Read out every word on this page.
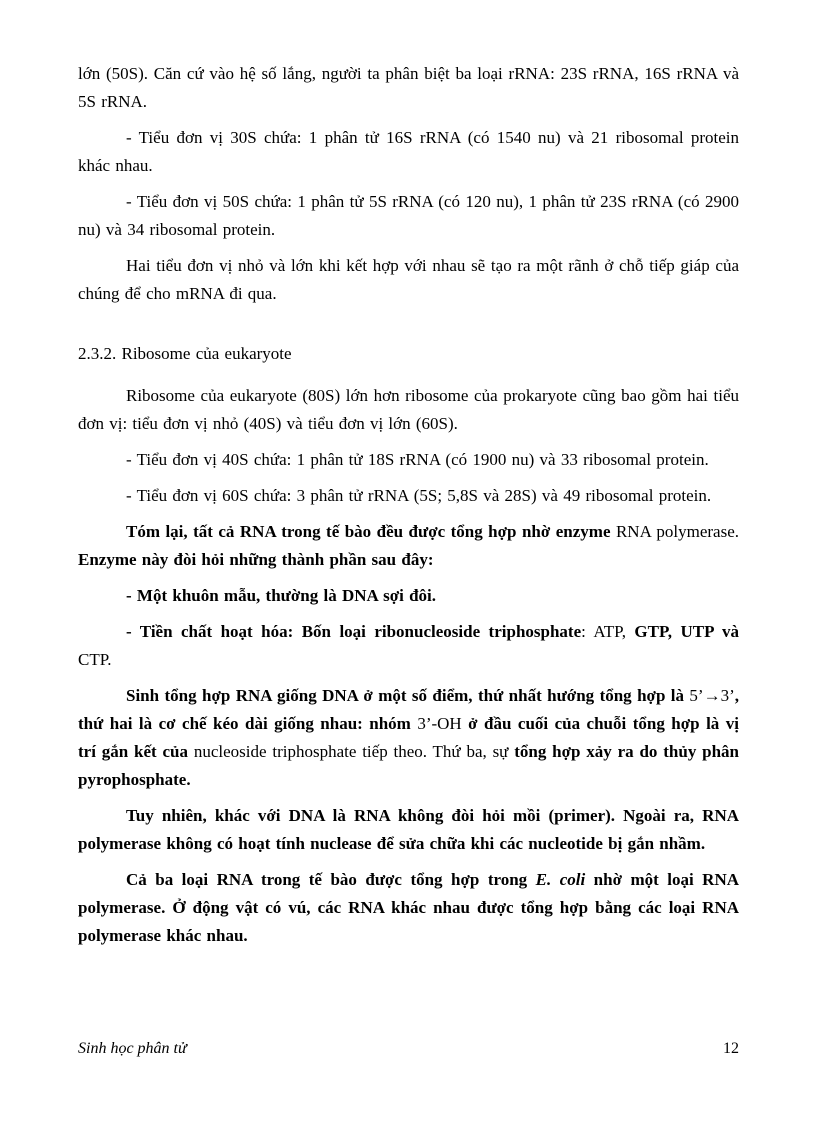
lớn (50S). Căn cứ vào hệ số lắng, người ta phân biệt ba loại rRNA: 23S rRNA, 16S rRNA và 5S rRNA.

- Tiểu đơn vị 30S chứa: 1 phân tử 16S rRNA (có 1540 nu) và 21 ribosomal protein khác nhau.

- Tiểu đơn vị 50S chứa: 1 phân tử 5S rRNA (có 120 nu), 1 phân tử 23S rRNA (có 2900 nu) và 34 ribosomal protein.

Hai tiểu đơn vị nhỏ và lớn khi kết hợp với nhau sẽ tạo ra một rãnh ở chỗ tiếp giáp của chúng để cho mRNA đi qua.

2.3.2. Ribosome của eukaryote

Ribosome của eukaryote (80S) lớn hơn ribosome của prokaryote cũng bao gồm hai tiểu đơn vị: tiểu đơn vị nhỏ (40S) và tiểu đơn vị lớn (60S).

- Tiểu đơn vị 40S chứa: 1 phân tử 18S rRNA (có 1900 nu) và 33 ribosomal protein.

- Tiểu đơn vị 60S chứa: 3 phân tử rRNA (5S; 5,8S và 28S) và 49 ribosomal protein.

Tóm lại, tất cả RNA trong tế bào đều được tổng hợp nhờ enzyme RNA polymerase. Enzyme này đòi hỏi những thành phần sau đây:

- Một khuôn mẫu, thường là DNA sợi đôi.

- Tiền chất hoạt hóa: Bốn loại ribonucleoside triphosphate: ATP, GTP, UTP và CTP.

Sinh tổng hợp RNA giống DNA ở một số điểm, thứ nhất hướng tổng hợp là 5’→3’, thứ hai là cơ chế kéo dài giống nhau: nhóm 3’-OH ở đầu cuối của chuỗi tổng hợp là vị trí gắn kết của nucleoside triphosphate tiếp theo. Thứ ba, sự tổng hợp xảy ra do thủy phân pyrophosphate.

Tuy nhiên, khác với DNA là RNA không đòi hỏi mồi (primer). Ngoài ra, RNA polymerase không có hoạt tính nuclease để sửa chữa khi các nucleotide bị gắn nhầm.

Cả ba loại RNA trong tế bào được tổng hợp trong E. coli nhờ một loại RNA polymerase. Ở động vật có vú, các RNA khác nhau được tổng hợp bằng các loại RNA polymerase khác nhau.

Sinh học phân tử	12
